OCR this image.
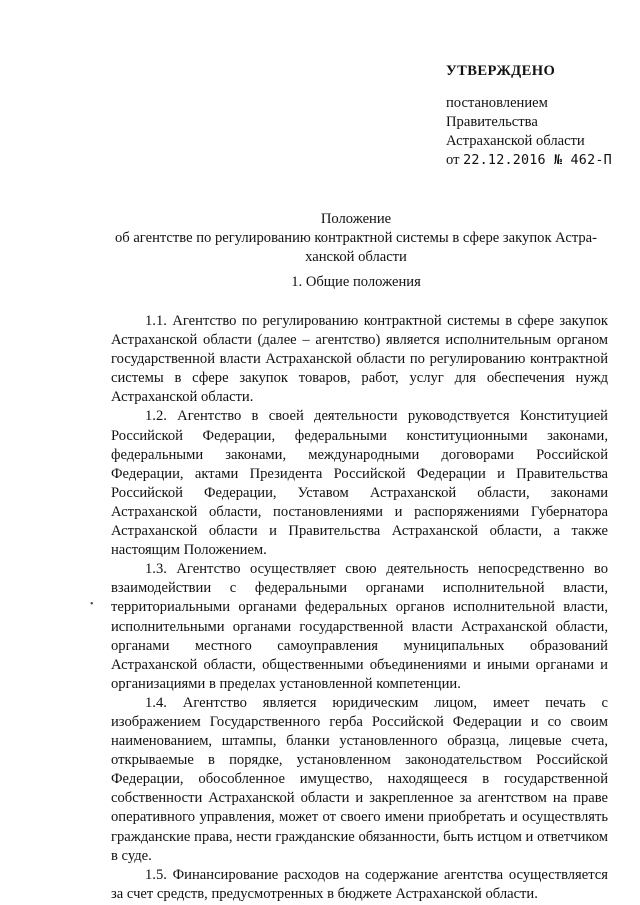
УТВЕРЖДЕНО
постановлением
Правительства
Астраханской области
от 22.12.2016 № 462-П
Положение
об агентстве по регулированию контрактной системы в сфере закупок Астра-
ханской области
1. Общие положения

1.1. Агентство по регулированию контрактной системы в сфере закупок Астраханской области (далее – агентство) является исполнительным органом государственной власти Астраханской области по регулированию контрактной системы в сфере закупок товаров, работ, услуг для обеспечения нужд Астраханской области.

1.2. Агентство в своей деятельности руководствуется Конституцией Российской Федерации, федеральными конституционными законами, федеральными законами, международными договорами Российской Федерации, актами Президента Российской Федерации и Правительства Российской Федерации, Уставом Астраханской области, законами Астраханской области, постановлениями и распоряжениями Губернатора Астраханской области и Правительства Астраханской области, а также настоящим Положением.

1.3. Агентство осуществляет свою деятельность непосредственно во взаимодействии с федеральными органами исполнительной власти, территориальными органами федеральных органов исполнительной власти, исполнительными органами государственной власти Астраханской области, органами местного самоуправления муниципальных образований Астраханской области, общественными объединениями и иными органами и организациями в пределах установленной компетенции.

1.4. Агентство является юридическим лицом, имеет печать с изображением Государственного герба Российской Федерации и со своим наименованием, штампы, бланки установленного образца, лицевые счета, открываемые в порядке, установленном законодательством Российской Федерации, обособленное имущество, находящееся в государственной собственности Астраханской области и закрепленное за агентством на праве оперативного управления, может от своего имени приобретать и осуществлять гражданские права, нести гражданские обязанности, быть истцом и ответчиком в суде.

1.5. Финансирование расходов на содержание агентства осуществляется за счет средств, предусмотренных в бюджете Астраханской области.

•
